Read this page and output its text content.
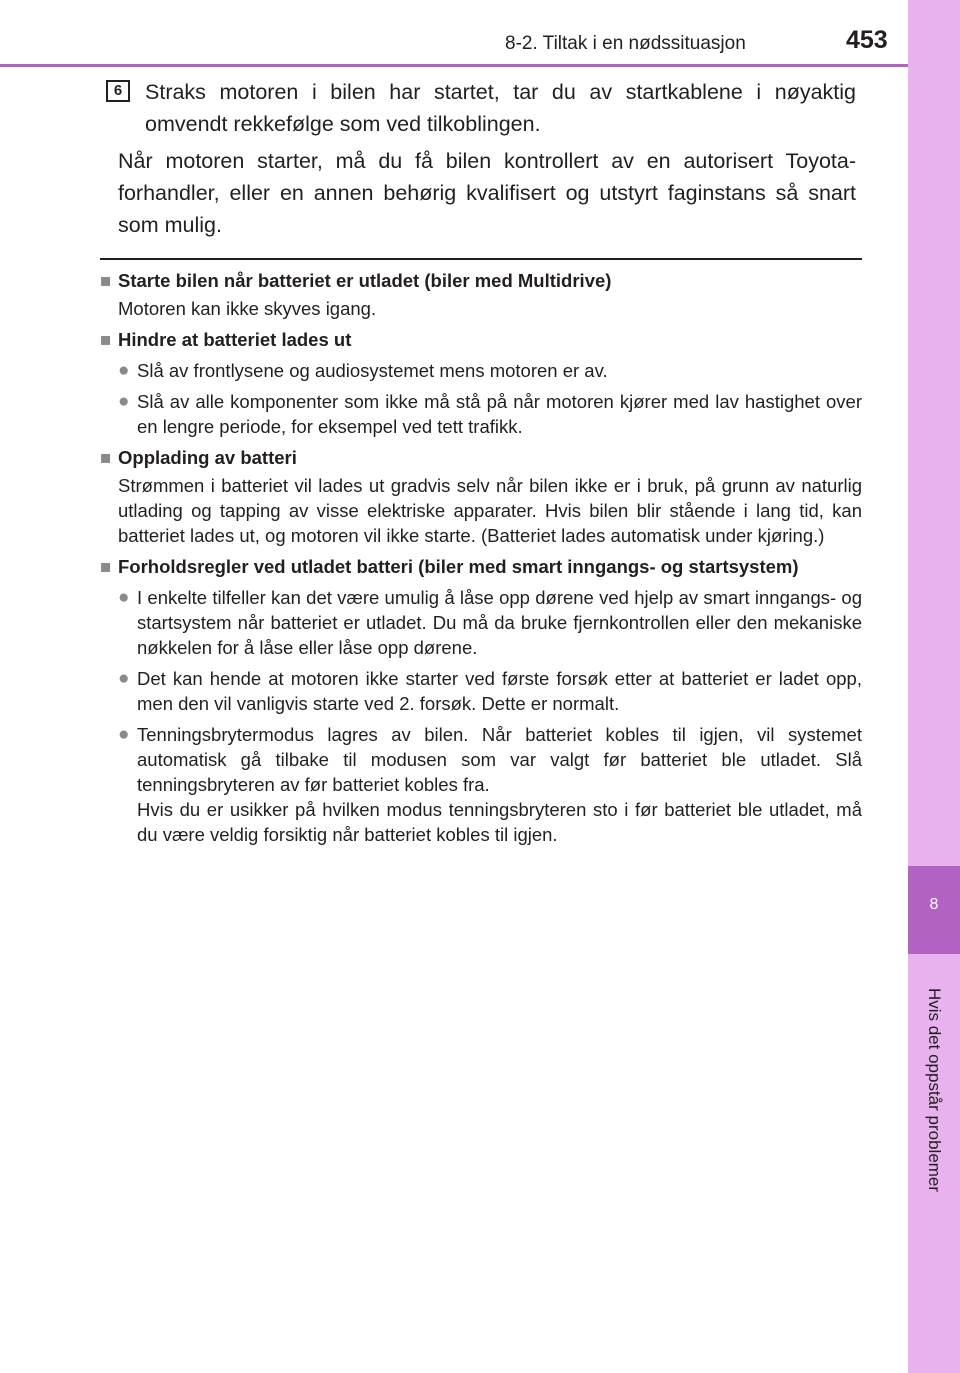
8
Hvis det oppstår problemer
8-2. Tiltak i en nødssituasjon	453
6	Straks motoren i bilen har startet, tar du av startkablene i nøyaktig omvendt rekkefølge som ved tilkoblingen.

Når motoren starter, må du få bilen kontrollert av en autorisert Toyota-forhandler, eller en annen behørig kvalifisert og utstyrt faginstans så snart som mulig.

■ Starte bilen når batteriet er utladet (biler med Multidrive)
Motoren kan ikke skyves igang.
■ Hindre at batteriet lades ut
● Slå av frontlysene og audiosystemet mens motoren er av.
● Slå av alle komponenter som ikke må stå på når motoren kjører med lav hastighet over en lengre periode, for eksempel ved tett trafikk.
■ Opplading av batteri
Strømmen i batteriet vil lades ut gradvis selv når bilen ikke er i bruk, på grunn av naturlig utlading og tapping av visse elektriske apparater. Hvis bilen blir stående i lang tid, kan batteriet lades ut, og motoren vil ikke starte. (Batteriet lades automatisk under kjøring.)
■ Forholdsregler ved utladet batteri (biler med smart inngangs- og startsystem)
● I enkelte tilfeller kan det være umulig å låse opp dørene ved hjelp av smart inngangs- og startsystem når batteriet er utladet. Du må da bruke fjernkontrollen eller den mekaniske nøkkelen for å låse eller låse opp dørene.
● Det kan hende at motoren ikke starter ved første forsøk etter at batteriet er ladet opp, men den vil vanligvis starte ved 2. forsøk. Dette er normalt.
● Tenningsbrytermodus lagres av bilen. Når batteriet kobles til igjen, vil systemet automatisk gå tilbake til modusen som var valgt før batteriet ble utladet. Slå tenningsbryteren av før batteriet kobles fra.
Hvis du er usikker på hvilken modus tenningsbryteren sto i før batteriet ble utladet, må du være veldig forsiktig når batteriet kobles til igjen.
